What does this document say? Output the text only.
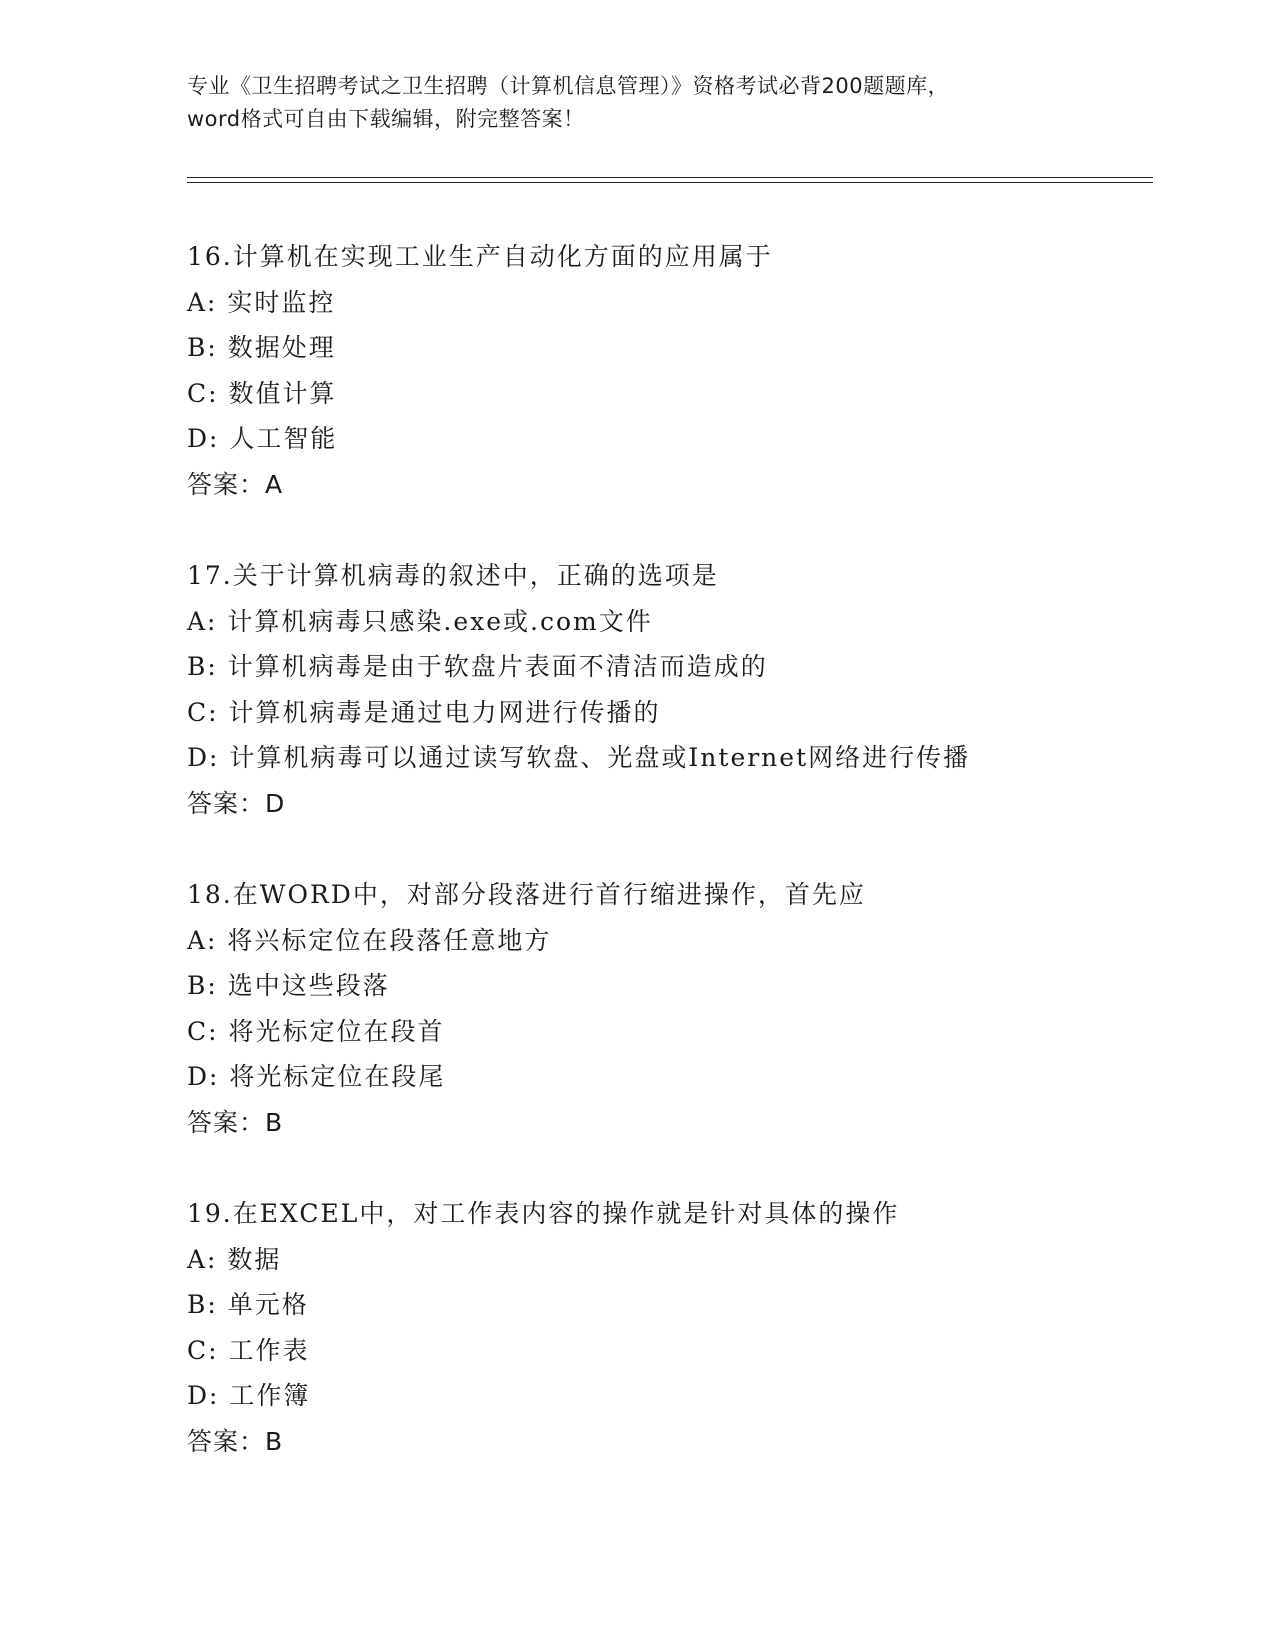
专业《卫生招聘考试之卫生招聘（计算机信息管理）》资格考试必背200题题库，
word格式可自由下载编辑，附完整答案！
16.计算机在实现工业生产自动化方面的应用属于
A: 实时监控
B: 数据处理
C: 数值计算
D: 人工智能
答案：A
17.关于计算机病毒的叙述中，正确的选项是
A: 计算机病毒只感染.exe或.com文件
B: 计算机病毒是由于软盘片表面不清洁而造成的
C: 计算机病毒是通过电力网进行传播的
D: 计算机病毒可以通过读写软盘、光盘或Internet网络进行传播
答案：D
18.在WORD中，对部分段落进行首行缩进操作，首先应
A: 将兴标定位在段落任意地方
B: 选中这些段落
C: 将光标定位在段首
D: 将光标定位在段尾
答案：B
19.在EXCEL中，对工作表内容的操作就是针对具体的操作
A: 数据
B: 单元格
C: 工作表
D: 工作簿
答案：B
